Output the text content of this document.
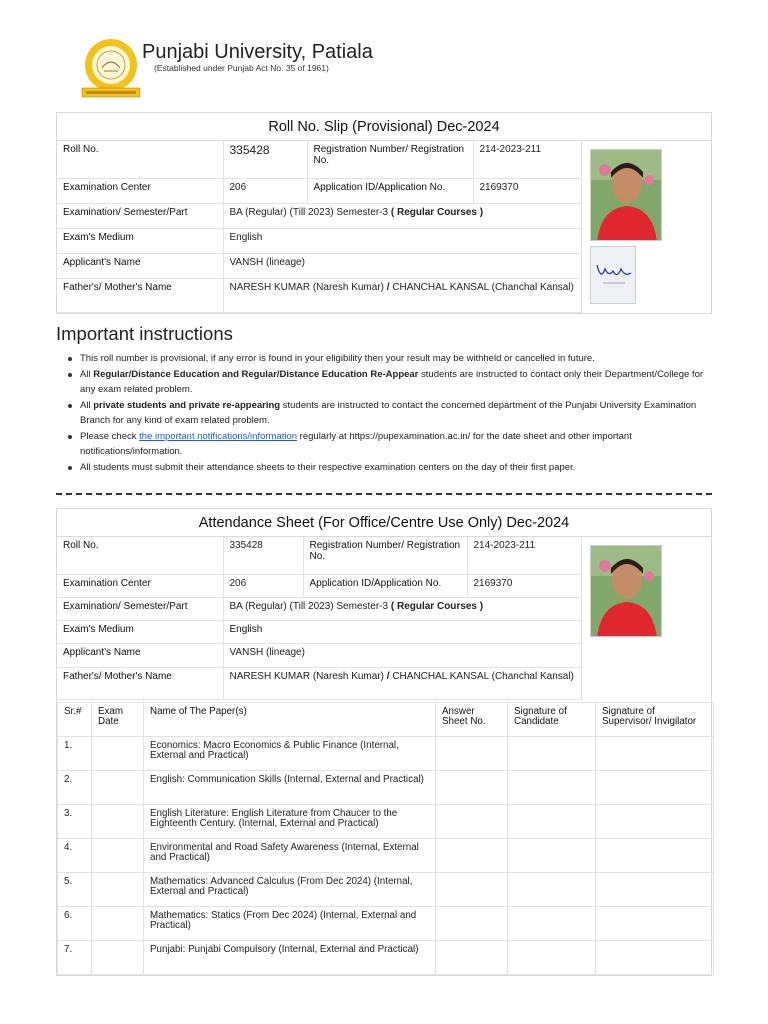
Punjabi University, Patiala
(Established under Punjab Act No. 35 of 1961)
Roll No. Slip (Provisional) Dec-2024
Roll No.	335428	Registration Number/ Registration No.	214-2023-211
Examination Center	206	Application ID/Application No.	2169370
Examination/ Semester/Part	BA (Regular) (Till 2023) Semester-3 ( Regular Courses )		
Exam's Medium	English		
Applicant's Name	VANSH (lineage)		
Father's/ Mother's Name	NARESH KUMAR (Naresh Kumar) / CHANCHAL KANSAL (Chanchal Kansal)		
Important instructions
This roll number is provisional, if any error is found in your eligibility then your result may be withheld or cancelled in future.
All Regular/Distance Education and Regular/Distance Education Re-Appear students are instructed to contact only their Department/College for any exam related problem.
All private students and private re-appearing students are instructed to contact the concerned department of the Punjabi University Examination Branch for any kind of exam related problem.
Please check the important notifications/information regularly at https://pupexamination.ac.in/ for the date sheet and other important notifications/information.
All students must submit their attendance sheets to their respective examination centers on the day of their first paper.
Attendance Sheet (For Office/Centre Use Only) Dec-2024
Roll No.	335428	Registration Number/ Registration No.	214-2023-211
Examination Center	206	Application ID/Application No.	2169370
Examination/ Semester/Part	BA (Regular) (Till 2023) Semester-3 ( Regular Courses )		
Exam's Medium	English		
Applicant's Name	VANSH (lineage)		
Father's/ Mother's Name	NARESH KUMAR (Naresh Kumar) / CHANCHAL KANSAL (Chanchal Kansal)		
Sr.#	Exam Date	Name of The Paper(s)	Answer Sheet No.	Signature of Candidate	Signature of Supervisor/ Invigilator
1.		Economics: Macro Economics & Public Finance (Internal, External and Practical)			
2.		English: Communication Skills (Internal, External and Practical)			
3.		English Literature: English Literature from Chaucer to the Eighteenth Century. (Internal, External and Practical)			
4.		Environmental and Road Safety Awareness (Internal, External and Practical)			
5.		Mathematics: Advanced Calculus (From Dec 2024) (Internal, External and Practical)			
6.		Mathematics: Statics (From Dec 2024) (Internal, External and Practical)			
7.		Punjabi: Punjabi Compulsory (Internal, External and Practical)			
